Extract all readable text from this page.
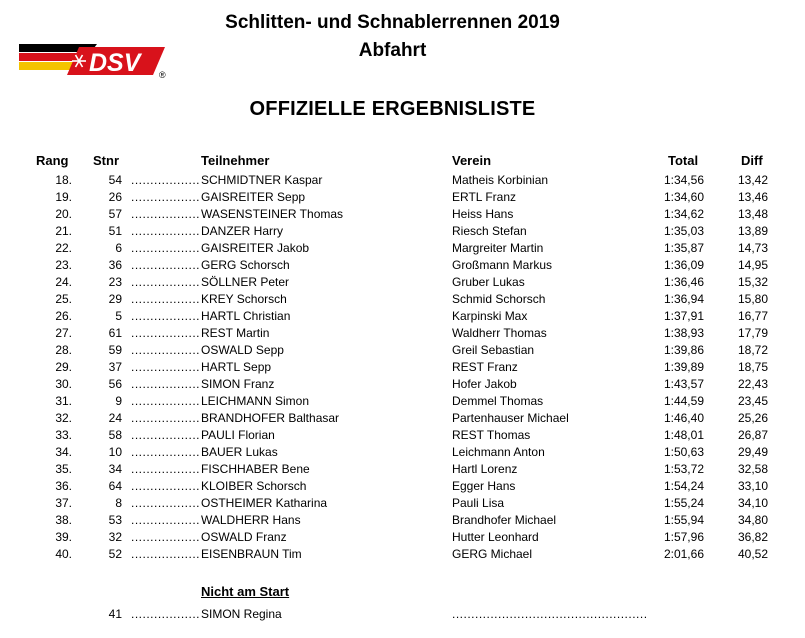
Schlitten- und Schnablerrennen 2019
Abfahrt
OFFIZIELLE ERGEBNISLISTE
DSV ®
Rang Stnr	Teilnehmer	Verein	Total	Diff
18.	54 .................. SCHMIDTNER Kaspar	Matheis Korbinian	1:34,56	13,42
19.	26 .................. GAISREITER Sepp	ERTL Franz	1:34,60	13,46
20.	57 .................. WASENSTEINER Thomas	Heiss Hans	1:34,62	13,48
21.	51 .................. DANZER Harry	Riesch Stefan	1:35,03	13,89
22.	6 .................. GAISREITER Jakob	Margreiter Martin	1:35,87	14,73
23.	36 .................. GERG Schorsch	Großmann Markus	1:36,09	14,95
24.	23 .................. SÖLLNER Peter	Gruber Lukas	1:36,46	15,32
25.	29 .................. KREY Schorsch	Schmid Schorsch	1:36,94	15,80
26.	5 .................. HARTL Christian	Karpinski Max	1:37,91	16,77
27.	61 .................. REST Martin	Waldherr Thomas	1:38,93	17,79
28.	59 .................. OSWALD Sepp	Greil Sebastian	1:39,86	18,72
29.	37 .................. HARTL Sepp	REST Franz	1:39,89	18,75
30.	56 .................. SIMON Franz	Hofer Jakob	1:43,57	22,43
31.	9 .................. LEICHMANN Simon	Demmel Thomas	1:44,59	23,45
32.	24 .................. BRANDHOFER Balthasar	Partenhauser Michael	1:46,40	25,26
33.	58 .................. PAULI Florian	REST Thomas	1:48,01	26,87
34.	10 .................. BAUER Lukas	Leichmann Anton	1:50,63	29,49
35.	34 .................. FISCHHABER Bene	Hartl Lorenz	1:53,72	32,58
36.	64 .................. KLOIBER Schorsch	Egger Hans	1:54,24	33,10
37.	8 .................. OSTHEIMER Katharina	Pauli Lisa	1:55,24	34,10
38.	53 .................. WALDHERR Hans	Brandhofer Michael	1:55,94	34,80
39.	32 .................. OSWALD Franz	Hutter Leonhard	1:57,96	36,82
40.	52 .................. EISENBRAUN Tim	GERG Michael	2:01,66	40,52
Nicht am Start
41 .................. SIMON Regina	...................................................
